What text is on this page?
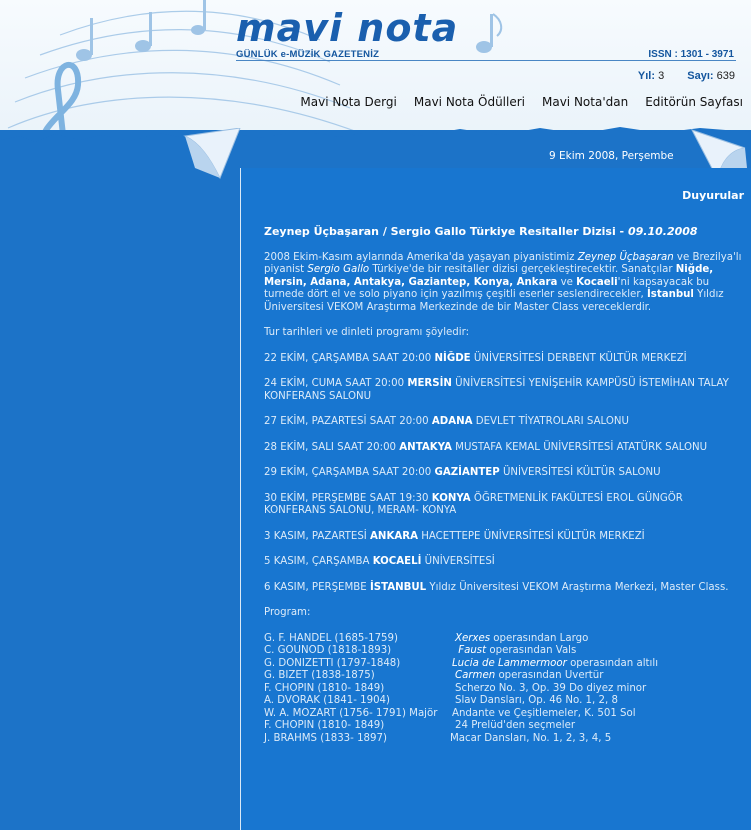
mavi nota
GÜNLÜK e-MÜZİK GAZETENİZ	ISSN : 1301 - 3971
Yıl: 3 Sayı: 639
Mavi Nota Dergi Mavi Nota Ödülleri Mavi Nota'dan Editörün Sayfası
9 Ekim 2008, Perşembe
Duyurular
Zeynep Üçbaşaran / Sergio Gallo Türkiye Resitaller Dizisi - 09.10.2008

2008 Ekim-Kasım aylarında Amerika'da yaşayan piyanistimiz Zeynep Üçbaşaran ve Brezilya'lı piyanist Sergio Gallo Türkiye'de bir resitaller dizisi gerçekleştirecektir. Sanatçılar Niğde, Mersin, Adana, Antakya, Gaziantep, Konya, Ankara ve Kocaeli'ni kapsayacak bu turnede dört el ve solo piyano için yazılmış çeşitli eserler seslendirecekler, İstanbul Yıldız Üniversitesi VEKOM Araştırma Merkezinde de bir Master Class vereceklerdir.

Tur tarihleri ve dinleti programı şöyledir:

22 EKİM, ÇARŞAMBA SAAT 20:00 NİĞDE ÜNİVERSİTESİ DERBENT KÜLTÜR MERKEZİ

24 EKİM, CUMA SAAT 20:00 MERSİN ÜNİVERSİTESİ YENİŞEHİR KAMPÜSÜ İSTEMİHAN TALAY KONFERANS SALONU

27 EKİM, PAZARTESİ SAAT 20:00 ADANA DEVLET TİYATROLARI SALONU

28 EKİM, SALI SAAT 20:00 ANTAKYA MUSTAFA KEMAL ÜNİVERSİTESİ ATATÜRK SALONU

29 EKİM, ÇARŞAMBA SAAT 20:00 GAZİANTEP ÜNİVERSİTESİ KÜLTÜR SALONU

30 EKİM, PERŞEMBE SAAT 19:30 KONYA ÖĞRETMENLİK FAKÜLTESİ EROL GÜNGÖR KONFERANS SALONU, MERAM- KONYA

3 KASIM, PAZARTESİ ANKARA HACETTEPE ÜNİVERSİTESİ KÜLTÜR MERKEZİ

5 KASIM, ÇARŞAMBA KOCAELİ ÜNİVERSİTESİ

6 KASIM, PERŞEMBE İSTANBUL Yıldız Üniversitesi VEKOM Araştırma Merkezi, Master Class.

Program:

G. F. HANDEL (1685-1759)	Xerxes operasından Largo
C. GOUNOD (1818-1893)	Faust operasından Vals
G. DONIZETTI (1797-1848)	Lucia de Lammermoor operasından altılı
G. BIZET (1838-1875)	Carmen operasından Uvertür
F. CHOPIN (1810- 1849)	Scherzo No. 3, Op. 39 Do diyez minor
A. DVORAK (1841- 1904)	Slav Dansları, Op. 46 No. 1, 2, 8
W. A. MOZART (1756- 1791) Majör	Andante ve Çeşitlemeler, K. 501 Sol
F. CHOPIN (1810- 1849)	24 Prelüd'den seçmeler
J. BRAHMS (1833- 1897)	Macar Dansları, No. 1, 2, 3, 4, 5
